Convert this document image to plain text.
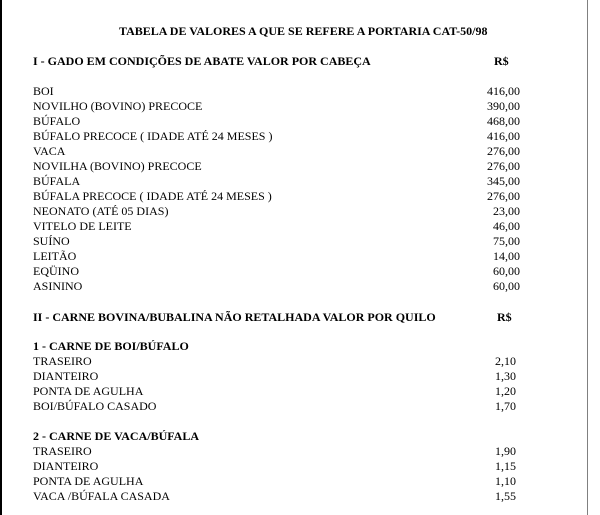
TABELA DE VALORES A QUE SE REFERE A PORTARIA CAT-50/98
I - GADO EM CONDIÇÕES DE ABATE VALOR POR CABEÇA	R$
BOI	416,00
NOVILHO (BOVINO) PRECOCE	390,00
BÚFALO	468,00
BÚFALO PRECOCE ( IDADE ATÉ 24 MESES )	416,00
VACA	276,00
NOVILHA (BOVINO) PRECOCE	276,00
BÚFALA	345,00
BÚFALA PRECOCE ( IDADE ATÉ 24 MESES )	276,00
NEONATO (ATÉ 05 DIAS)	23,00
VITELO DE LEITE	46,00
SUÍNO	75,00
LEITÃO	14,00
EQÜINO	60,00
ASININO	60,00
II - CARNE BOVINA/BUBALINA NÃO RETALHADA VALOR POR QUILO	R$
1 - CARNE DE BOI/BÚFALO
TRASEIRO	2,10
DIANTEIRO	1,30
PONTA DE AGULHA	1,20
BOI/BÚFALO CASADO	1,70
2 - CARNE DE VACA/BÚFALA
TRASEIRO	1,90
DIANTEIRO	1,15
PONTA DE AGULHA	1,10
VACA /BÚFALA CASADA	1,55
